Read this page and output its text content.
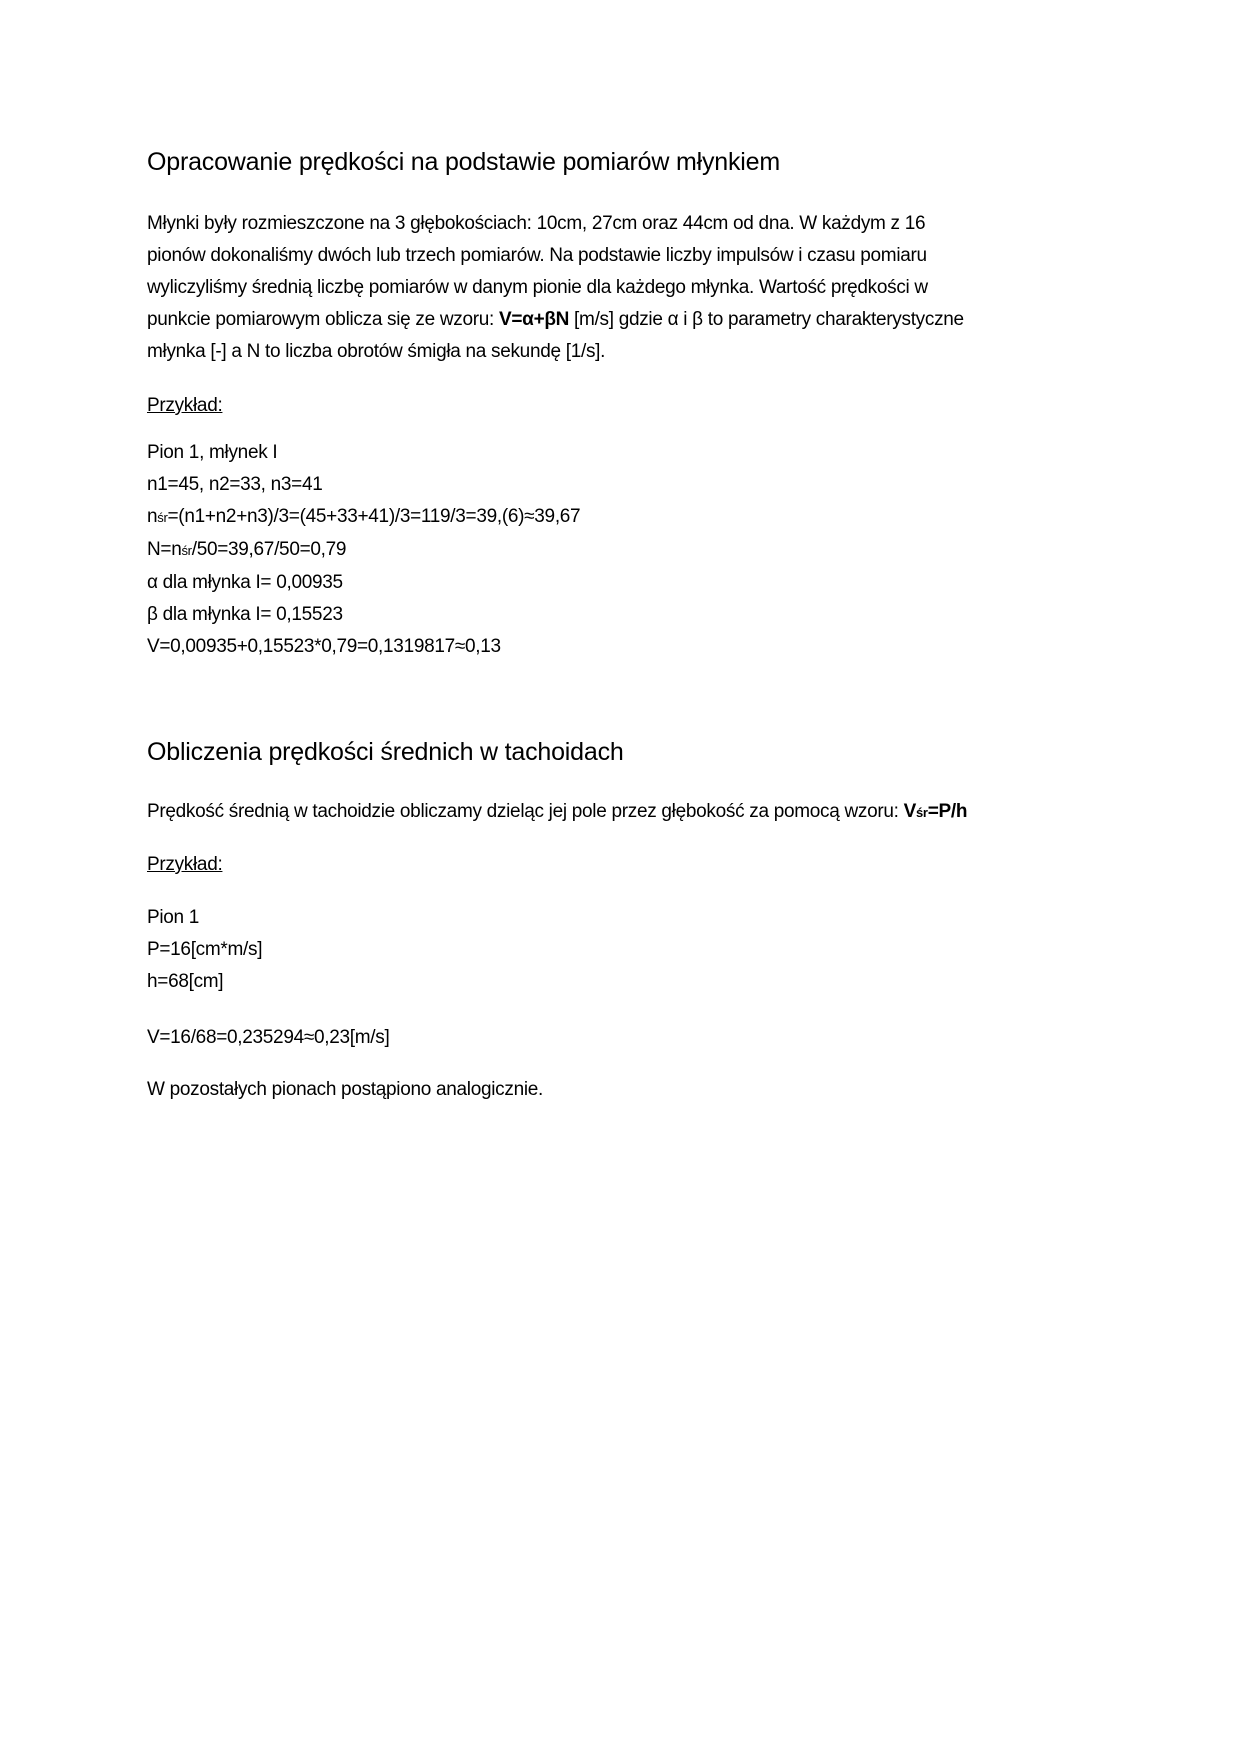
Opracowanie prędkości na podstawie pomiarów młynkiem
Młynki były rozmieszczone na 3 głębokościach: 10cm, 27cm oraz 44cm od dna. W każdym z 16
pionów dokonaliśmy dwóch lub trzech pomiarów. Na podstawie liczby impulsów i czasu pomiaru
wyliczyliśmy średnią liczbę pomiarów w danym pionie dla każdego młynka. Wartość prędkości w
punkcie pomiarowym oblicza się ze wzoru: V=α+βN [m/s] gdzie α i β to parametry charakterystyczne
młynka [-] a N to liczba obrotów śmigła na sekundę [1/s].
Przykład:
Pion 1, młynek I
n1=45, n2=33, n3=41
nśr=(n1+n2+n3)/3=(45+33+41)/3=119/3=39,(6)≈39,67
N=nśr/50=39,67/50=0,79
α dla młynka I= 0,00935
β dla młynka I= 0,15523
V=0,00935+0,15523*0,79=0,1319817≈0,13
Obliczenia prędkości średnich w tachoidach
Prędkość średnią w tachoidzie obliczamy dzieląc jej pole przez głębokość za pomocą wzoru: Vśr=P/h
Przykład:
Pion 1
P=16[cm*m/s]
h=68[cm]
V=16/68=0,235294≈0,23[m/s]
W pozostałych pionach postąpiono analogicznie.
